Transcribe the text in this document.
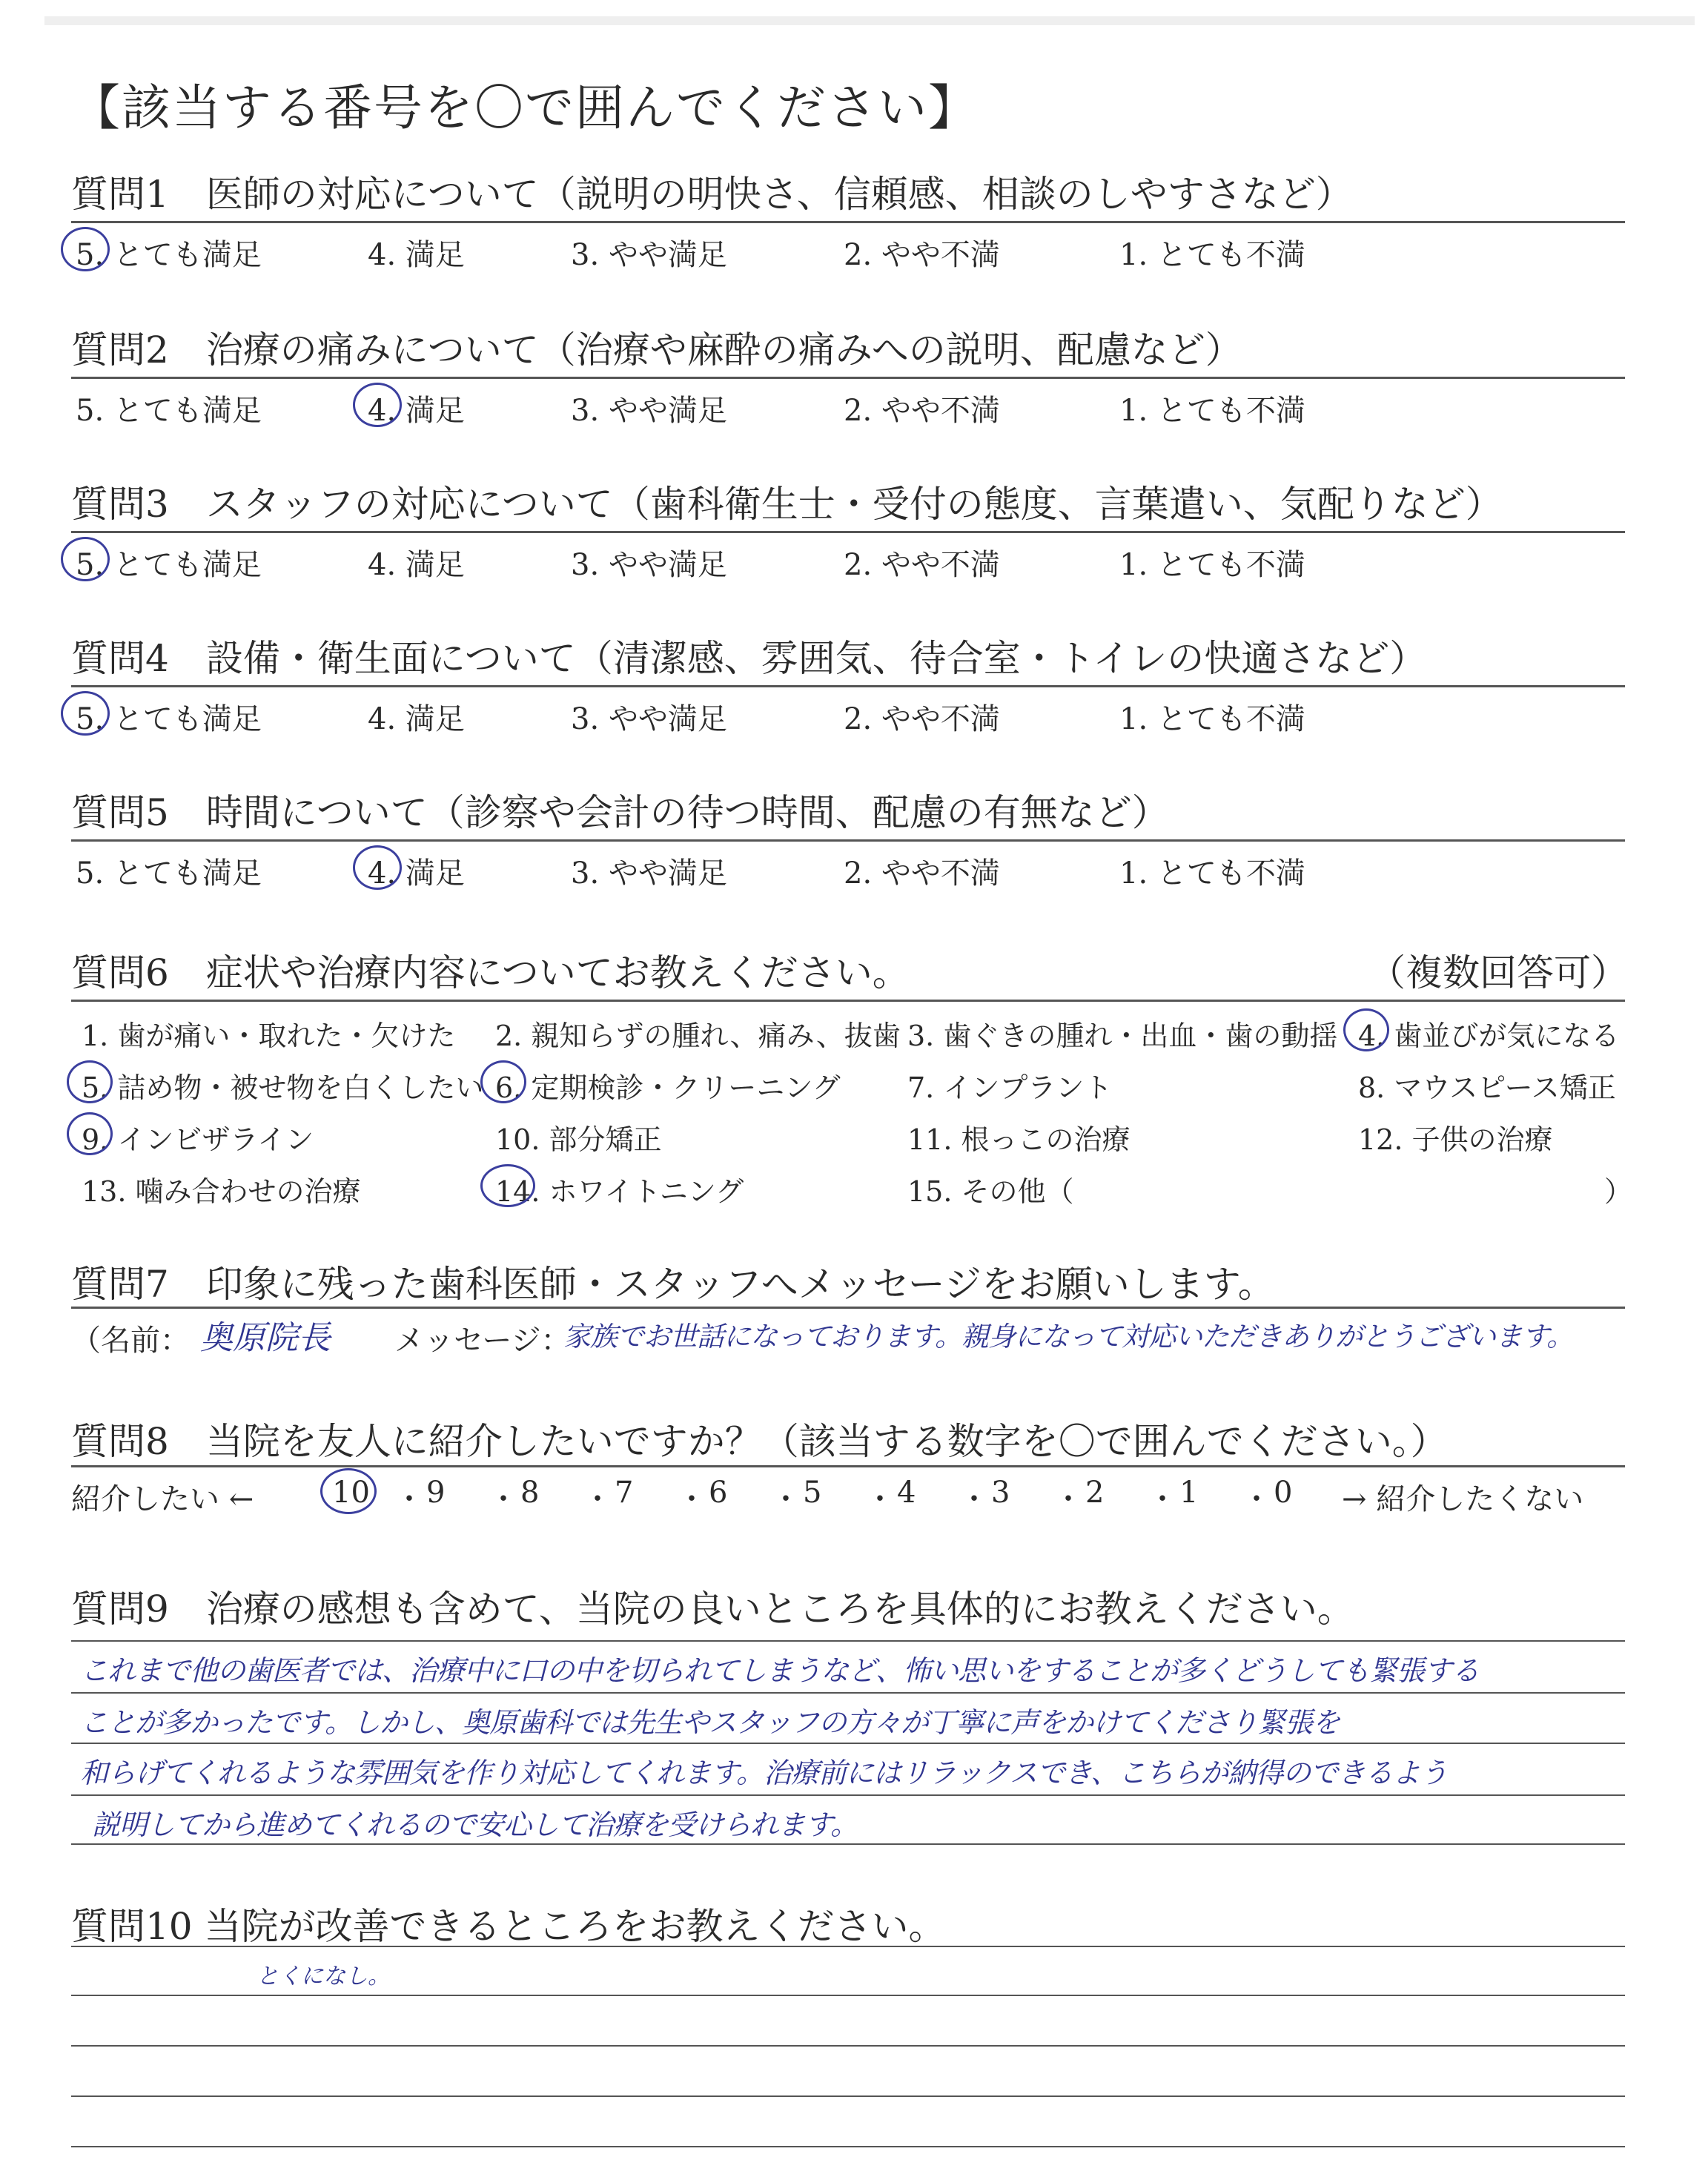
【該当する番号を〇で囲んでください】
質問1　 医師の対応について（説明の明快さ、信頼感、相談のしやすさなど）
5. とても満足	4. 満足	3. やや満足	2. やや不満	1. とても不満
質問2　 治療の痛みについて（治療や麻酔の痛みへの説明、配慮など）
5. とても満足	4. 満足	3. やや満足	2. やや不満	1. とても不満
質問3　 スタッフの対応について（歯科衛生士・受付の態度、言葉遣い、気配りなど）
5. とても満足	4. 満足	3. やや満足	2. やや不満	1. とても不満
質問4　 設備・衛生面について（清潔感、雰囲気、待合室・トイレの快適さなど）
5. とても満足	4. 満足	3. やや満足	2. やや不満	1. とても不満
質問5　 時間について（診察や会計の待つ時間、配慮の有無など）
5. とても満足	4. 満足	3. やや満足	2. やや不満	1. とても不満
質問6　 症状や治療内容についてお教えください。	（複数回答可）
1. 歯が痛い・取れた・欠けた 2. 親知らずの腫れ、痛み、抜歯 3. 歯ぐきの腫れ・出血・歯の動揺 4. 歯並びが気になる
5. 詰め物・被せ物を白くしたい 6. 定期検診・クリーニング 7. インプラント	8. マウスピース矯正
9. インビザライン	10. 部分矯正	11. 根っこの治療	12. 子供の治療
13. 噛み合わせの治療	14. ホワイトニング	15. その他（	）
質問7　 印象に残った歯科医師・スタッフへメッセージをお願いします。
（名前： 奥原院長 メッセージ：
家族でお世話になっております。親身になって対応いただきありがとうございます。
質問8　 当院を友人に紹介したいですか？（該当する数字を〇で囲んでください。）
紹介したい ←	10 ・ 9 ・ 8 ・ 7 ・ 6 ・ 5 ・ 4 ・ 3 ・ 2 ・ 1 ・ 0 → 紹介したくない
質問9　 治療の感想も含めて、当院の良いところを具体的にお教えください。
これまで他の歯医者では、治療中に口の中を切られてしまうなど、怖い思いをすることが多くどうしても緊張する
ことが多かったです。しかし、奥原歯科では先生やスタッフの方々が丁寧に声をかけてくださり緊張を
和らげてくれるような雰囲気を作り対応してくれます。治療前にはリラックスでき、こちらが納得のできるよう
説明してから進めてくれるので安心して治療を受けられます。
質問10 当院が改善できるところをお教えください。
とくになし。
